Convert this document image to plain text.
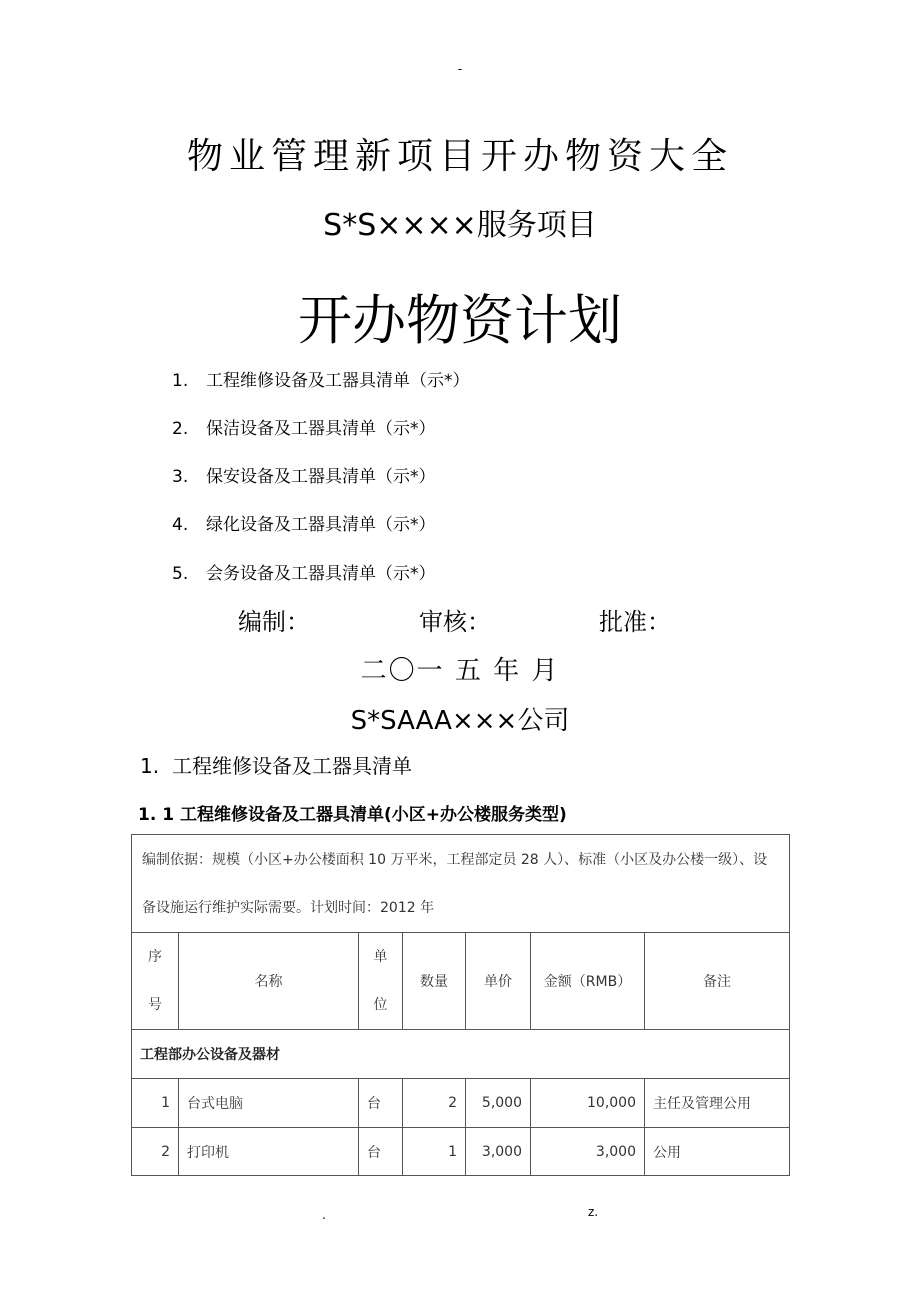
-
物业管理新项目开办物资大全
S*S××××服务项目
开办物资计划
1. 工程维修设备及工器具清单（示*）
2. 保洁设备及工器具清单（示*）
3. 保安设备及工器具清单（示*）
4. 绿化设备及工器具清单（示*）
5. 会务设备及工器具清单（示*）
编制：	审核：	批准：
二〇一 五 年 月
S*SAAA×××公司
1. 工程维修设备及工器具清单
1. 1 工程维修设备及工器具清单(小区+办公楼服务类型)
编制依据：规模（小区+办公楼面积 10 万平米，工程部定员 28 人）、标准（小区及办公楼一级）、设备设施运行维护实际需要。计划时间：2012 年						
序号	名称	单位	数量	单价	金额（RMB）	备注
工程部办公设备及器材						
1	台式电脑	台	2	5,000	10,000	主任及管理公用
2	打印机	台	1	3,000	3,000	公用
.	z.
